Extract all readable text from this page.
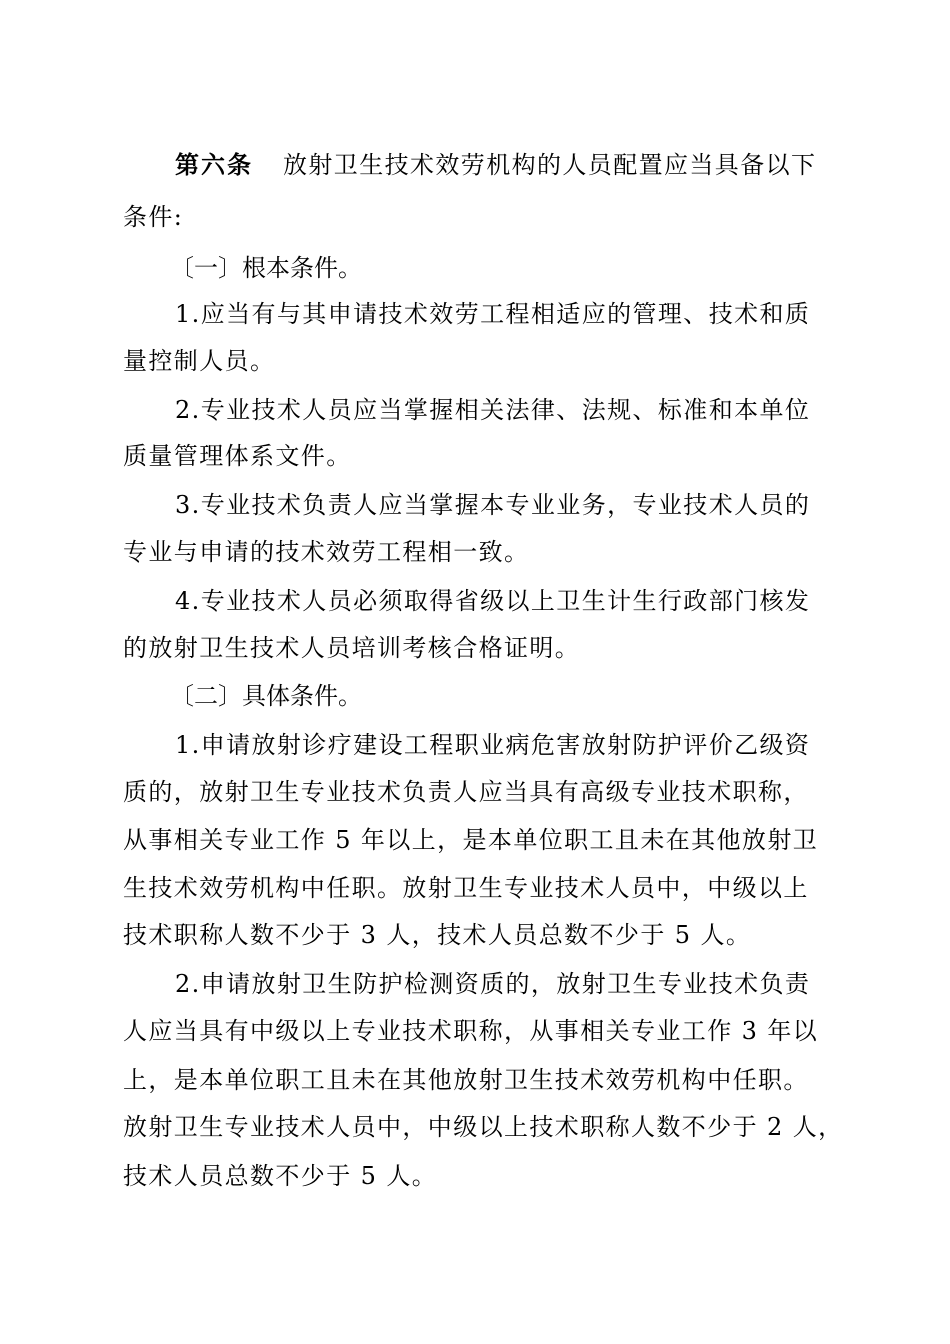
第六条 放射卫生技术效劳机构的人员配置应当具备以下
条件:
〔一〕根本条件。
1.应当有与其申请技术效劳工程相适应的管理、技术和质
量控制人员。
2.专业技术人员应当掌握相关法律、法规、标准和本单位
质量管理体系文件。
3.专业技术负责人应当掌握本专业业务，专业技术人员的
专业与申请的技术效劳工程相一致。
4.专业技术人员必须取得省级以上卫生计生行政部门核发
的放射卫生技术人员培训考核合格证明。
〔二〕具体条件。
1.申请放射诊疗建设工程职业病危害放射防护评价乙级资
质的，放射卫生专业技术负责人应当具有高级专业技术职称，
从事相关专业工作 5 年以上，是本单位职工且未在其他放射卫
生技术效劳机构中任职。放射卫生专业技术人员中，中级以上
技术职称人数不少于 3 人，技术人员总数不少于 5 人。
2.申请放射卫生防护检测资质的，放射卫生专业技术负责
人应当具有中级以上专业技术职称，从事相关专业工作 3 年以
上，是本单位职工且未在其他放射卫生技术效劳机构中任职。
放射卫生专业技术人员中，中级以上技术职称人数不少于 2 人，
技术人员总数不少于 5 人。
